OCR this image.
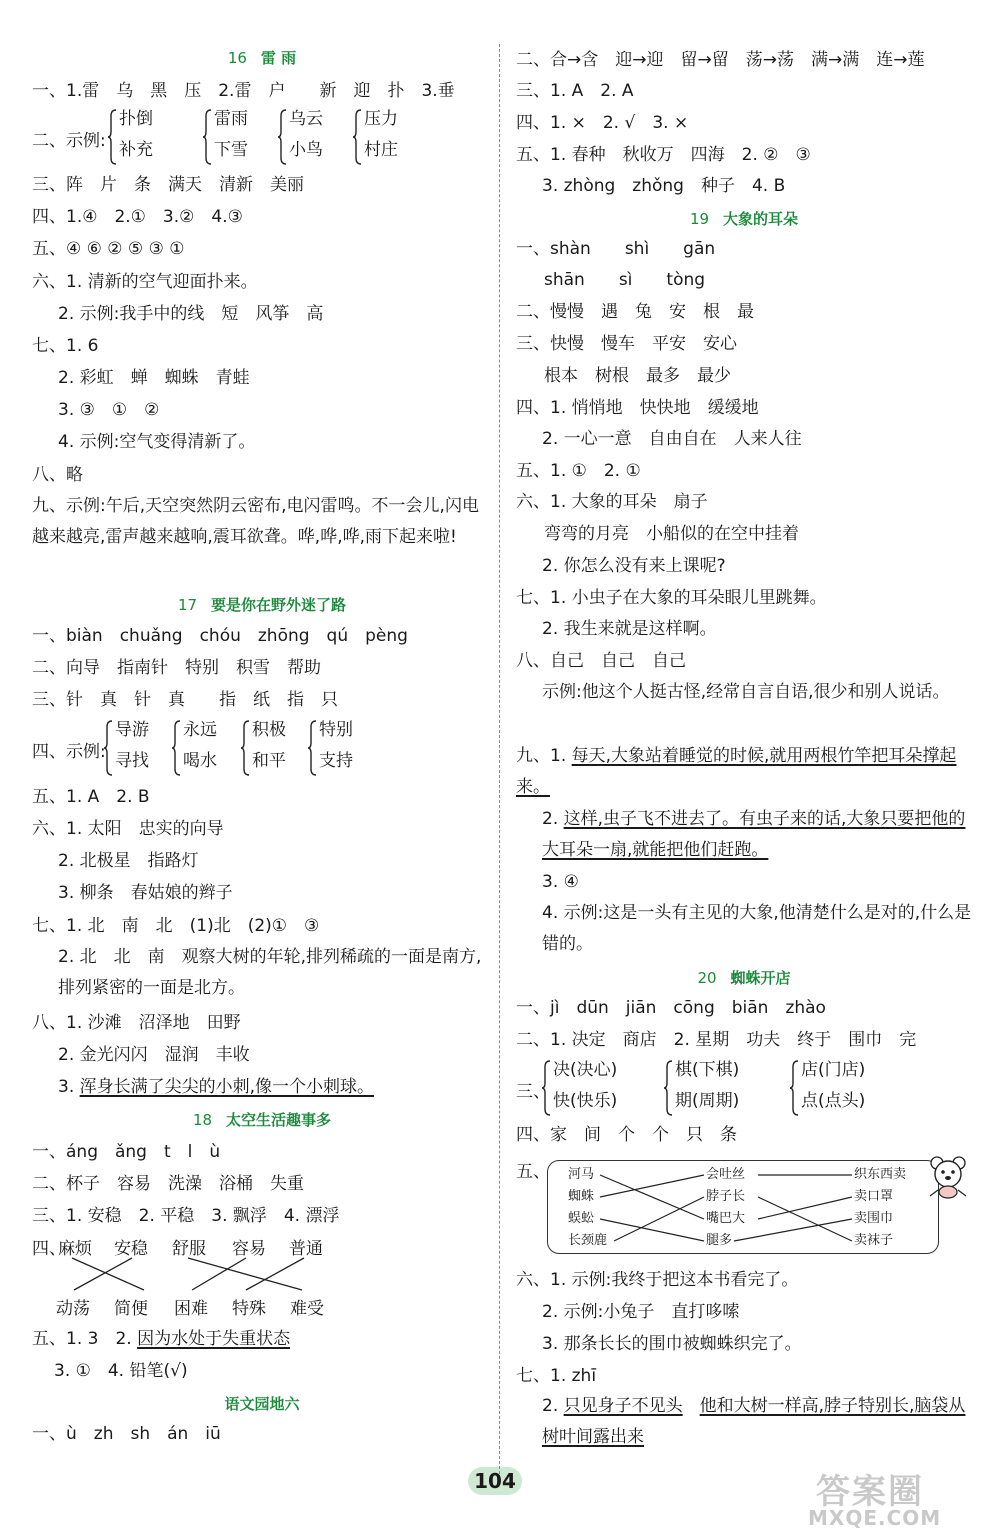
16 雷 雨
一、1.雷　乌　黑　压　2.雷　户　　新　迎　扑　3.垂
二、示例:
扑倒
补充
雷雨
下雪
乌云
小鸟
压力
村庄
三、阵　片　条　满天　清新　美丽
四、1.④　2.①　3.②　4.③
五、④ ⑥ ② ⑤ ③ ①
六、1. 清新的空气迎面扑来。
2. 示例:我手中的线　短　风筝　高
七、1. 6
2. 彩虹　蝉　蜘蛛　青蛙
3. ③　①　②
4. 示例:空气变得清新了。
八、略
九、示例:午后,天空突然阴云密布,电闪雷鸣。不一会儿,闪电越来越亮,雷声越来越响,震耳欲聋。哗,哗,哗,雨下起来啦!
17 要是你在野外迷了路
一、biàn　chuǎng　chóu　zhōng　qú　pèng
二、向导　指南针　特别　积雪　帮助
三、针　真　针　真　　指　纸　指　只
四、示例:
导游
寻找
永远
喝水
积极
和平
特别
支持
五、1. A　2. B
六、1. 太阳　忠实的向导
2. 北极星　指路灯
3. 柳条　春姑娘的辫子
七、1. 北　南　北　(1)北　(2)①　③
2. 北　北　南　观察大树的年轮,排列稀疏的一面是南方,排列紧密的一面是北方。
八、1. 沙滩　沼泽地　田野
2. 金光闪闪　湿润　丰收
3. 浑身长满了尖尖的小刺,像一个小刺球。
18 太空生活趣事多
一、áng　ǎng　t　l　ù
二、杯子　容易　洗澡　浴桶　失重
三、1. 安稳　2. 平稳　3. 飘浮　4. 漂浮
四、
麻烦 安稳 舒服 容易 普通
动荡 简便 困难 特殊 难受
五、1. 3　2. 因为水处于失重状态
3. ①　4. 铅笔(√)
语文园地六
一、ù　zh　sh　án　iū
二、合→含　迎→迎　留→留　荡→荡　满→满　连→莲
三、1. A　2. A
四、1. ×　2. √　3. ×
五、1. 春种　秋收万　四海　2. ②　③
3. zhòng　zhǒng　种子　4. B
19 大象的耳朵
一、shàn　　shì　　gān
shān　　sì　　tòng
二、慢慢　遇　兔　安　根　最
三、快慢　慢车　平安　安心
根本　树根　最多　最少
四、1. 悄悄地　快快地　缓缓地
2. 一心一意　自由自在　人来人往
五、1. ①　2. ①
六、1. 大象的耳朵　扇子
弯弯的月亮　小船似的在空中挂着
2. 你怎么没有来上课呢?
七、1. 小虫子在大象的耳朵眼儿里跳舞。
2. 我生来就是这样啊。
八、自己　自己　自己
示例:他这个人挺古怪,经常自言自语,很少和别人说话。
九、1. 每天,大象站着睡觉的时候,就用两根竹竿把耳朵撑起来。
2. 这样,虫子飞不进去了。有虫子来的话,大象只要把他的大耳朵一扇,就能把他们赶跑。
3. ④
4. 示例:这是一头有主见的大象,他清楚什么是对的,什么是错的。
20 蜘蛛开店
一、jì　dūn　jiān　cōng　biān　zhào
二、1. 决定　商店　2. 星期　功夫　终于　围巾　完
三、
决(决心)
快(快乐)
棋(下棋)
期(周期)
店(门店)
点(点头)
四、家　间　个　个　只　条
五、 河马
蜘蛛
蜈蚣
长颈鹿
会吐丝
脖子长
嘴巴大
腿多
织东西卖
卖口罩
卖围巾
卖袜子
六、1. 示例:我终于把这本书看完了。
2. 示例:小兔子　直打哆嗦
3. 那条长长的围巾被蜘蛛织完了。
七、1. zhī
2. 只见身子不见头　 他和大树一样高,脖子特别长,脑袋从树叶间露出来
104	答案圈
MXQE.COM
